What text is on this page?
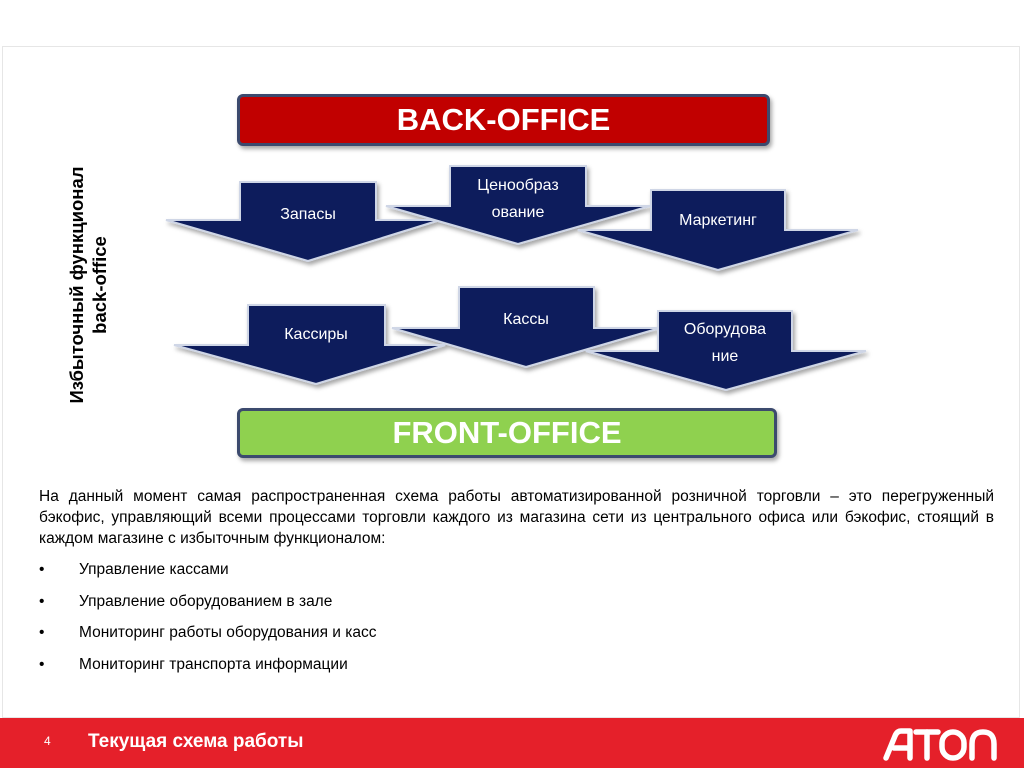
Запасы
Ценообраз
ование	Маркетинг
Кассиры
Кассы
Оборудова
ние
BACK-OFFICE
FRONT-OFFICE
Избыточный функционал back-office
На данный момент самая распространенная схема работы автоматизированной розничной торговли – это перегруженный бэкофис, управляющий всеми процессами торговли каждого из магазина сети из центрального офиса или бэкофис, стоящий в каждом магазине с избыточным функционалом:
• Управление кассами
• Управление оборудованием в зале
• Мониторинг работы оборудования и касс
• Мониторинг транспорта информации
4 Текущая схема работы
